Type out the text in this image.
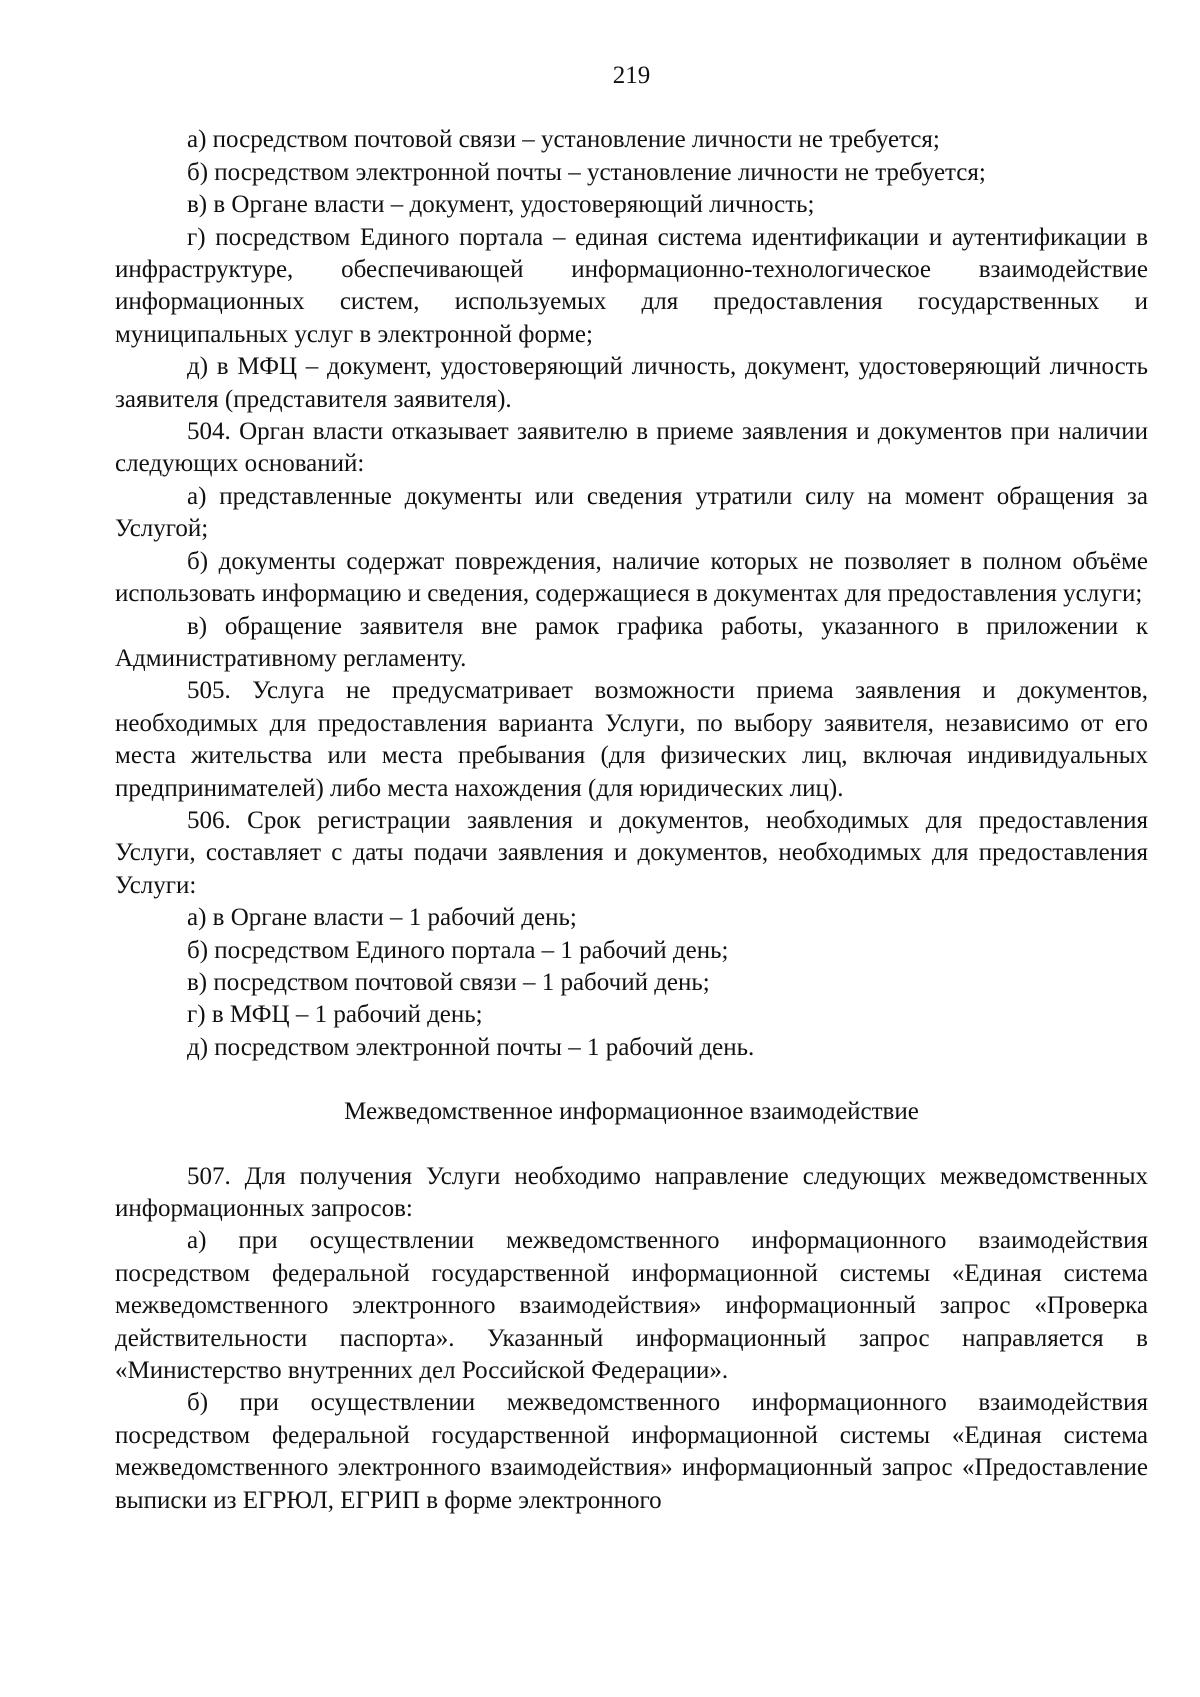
219

а) посредством почтовой связи – установление личности не требуется;

б) посредством электронной почты – установление личности не требуется;

в) в Органе власти – документ, удостоверяющий личность;

г) посредством Единого портала – единая система идентификации и аутентификации в инфраструктуре, обеспечивающей информационно-технологическое взаимодействие информационных систем, используемых для предоставления государственных и муниципальных услуг в электронной форме;

д) в МФЦ – документ, удостоверяющий личность, документ, удостоверяющий личность заявителя (представителя заявителя).

504. Орган власти отказывает заявителю в приеме заявления и документов при наличии следующих оснований:

а) представленные документы или сведения утратили силу на момент обращения за Услугой;

б) документы содержат повреждения, наличие которых не позволяет в полном объёме использовать информацию и сведения, содержащиеся в документах для предоставления услуги;

в) обращение заявителя вне рамок графика работы, указанного в приложении к Административному регламенту.

505. Услуга не предусматривает возможности приема заявления и документов, необходимых для предоставления варианта Услуги, по выбору заявителя, независимо от его места жительства или места пребывания (для физических лиц, включая индивидуальных предпринимателей) либо места нахождения (для юридических лиц).

506. Срок регистрации заявления и документов, необходимых для предоставления Услуги, составляет с даты подачи заявления и документов, необходимых для предоставления Услуги:

а) в Органе власти – 1 рабочий день;

б) посредством Единого портала – 1 рабочий день;

в) посредством почтовой связи – 1 рабочий день;

г) в МФЦ – 1 рабочий день;

д) посредством электронной почты – 1 рабочий день.

Межведомственное информационное взаимодействие

507. Для получения Услуги необходимо направление следующих межведомственных информационных запросов:

а) при осуществлении межведомственного информационного взаимодействия посредством федеральной государственной информационной системы «Единая система межведомственного электронного взаимодействия» информационный запрос «Проверка действительности паспорта». Указанный информационный запрос направляется в «Министерство внутренних дел Российской Федерации».

б) при осуществлении межведомственного информационного взаимодействия посредством федеральной государственной информационной системы «Единая система межведомственного электронного взаимодействия» информационный запрос «Предоставление выписки из ЕГРЮЛ, ЕГРИП в форме электронного
